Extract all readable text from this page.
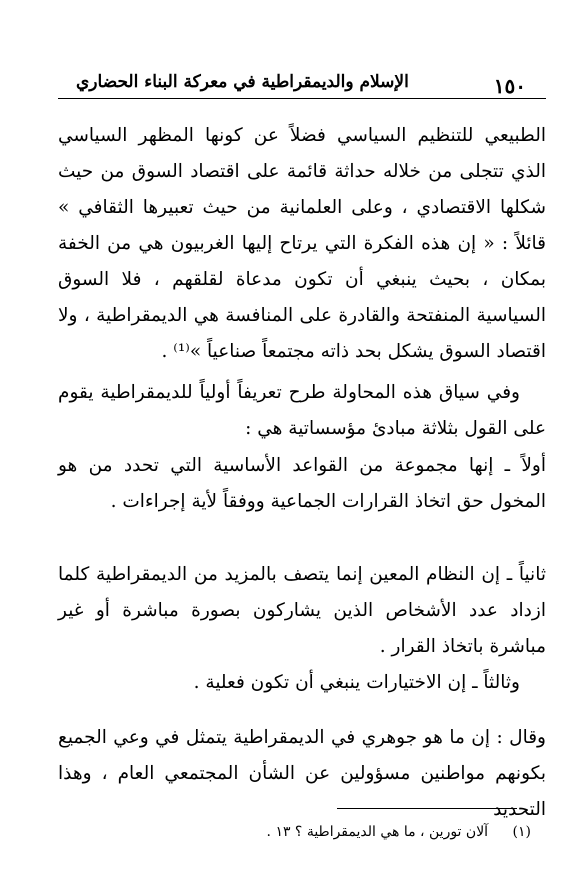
١٥٠
الإسلام والديمقراطية في معركة البناء الحضاري

الطبيعي للتنظيم السياسي فضلاً عن كونها المظهر السياسي الذي تتجلى من خلاله حداثة قائمة على اقتصاد السوق من حيث شكلها الاقتصادي ، وعلى العلمانية من حيث تعبيرها الثقافي » قائلاً : « إن هذه الفكرة التي يرتاح إليها الغربيون هي من الخفة بمكان ، بحيث ينبغي أن تكون مدعاة لقلقهم ، فلا السوق السياسية المنفتحة والقادرة على المنافسة هي الديمقراطية ، ولا اقتصاد السوق يشكل بحد ذاته مجتمعاً صناعياً »⁽¹⁾ .

وفي سياق هذه المحاولة طرح تعريفاً أولياً للديمقراطية يقوم على القول بثلاثة مبادئ مؤسساتية هي :

أولاً ـ إنها مجموعة من القواعد الأساسية التي تحدد من هو المخول حق اتخاذ القرارات الجماعية ووفقاً لأية إجراءات .

ثانياً ـ إن النظام المعين إنما يتصف بالمزيد من الديمقراطية كلما ازداد عدد الأشخاص الذين يشاركون بصورة مباشرة أو غير مباشرة باتخاذ القرار .

وثالثاً ـ إن الاختيارات ينبغي أن تكون فعلية .

وقال : إن ما هو جوهري في الديمقراطية يتمثل في وعي الجميع بكونهم مواطنين مسؤولين عن الشأن المجتمعي العام ، وهذا التحديد

(١) آلان تورين ، ما هي الديمقراطية ؟ ١٣ .
